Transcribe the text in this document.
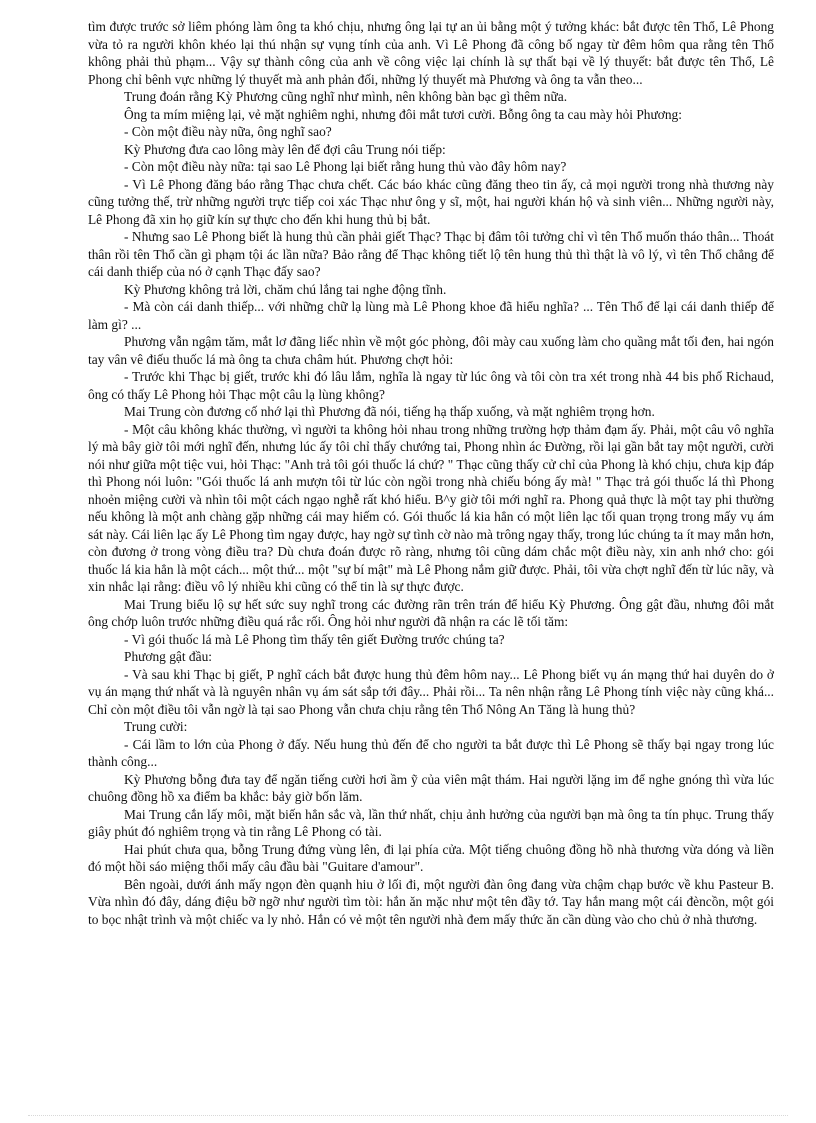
tìm được trước sở liêm phóng làm ông ta khó chịu, nhưng ông lại tự an ủi bằng một ý tưởng khác: bắt được tên Thổ, Lê Phong vừa tỏ ra người khôn khéo lại thú nhận sự vụng tính của anh. Vì Lê Phong đã công bố ngay từ đêm hôm qua rằng tên Thổ không phải thủ phạm... Vậy sự thành công của anh về công việc lại chính là sự thất bại về lý thuyết: bắt được tên Thổ, Lê Phong chỉ bênh vực những lý thuyết mà anh phản đối, những lý thuyết mà Phương và ông ta vẫn theo...

Trung đoán rằng Kỳ Phương cũng nghĩ như mình, nên không bàn bạc gì thêm nữa.

Ông ta mím miệng lại, vẻ mặt nghiêm nghi, nhưng đôi mắt tươi cười. Bỗng ông ta cau mày hỏi Phương:

- Còn một điều này nữa, ông nghĩ sao?

Kỳ Phương đưa cao lông mày lên để đợi câu Trung nói tiếp:

- Còn một điều này nữa: tại sao Lê Phong lại biết rằng hung thủ vào đây hôm nay?

- Vì Lê Phong đăng báo rằng Thạc chưa chết. Các báo khác cũng đăng theo tin ấy, cả mọi người trong nhà thương này cũng tưởng thế, trừ những người trực tiếp coi xác Thạc như ông y sĩ, một, hai người khán hộ và sinh viên... Những người này, Lê Phong đã xin họ giữ kín sự thực cho đến khi hung thủ bị bắt.

- Nhưng sao Lê Phong biết là hung thủ cần phải giết Thạc? Thạc bị đâm tôi tưởng chỉ vì tên Thổ muốn tháo thân... Thoát thân rồi tên Thổ cần gì phạm tội ác lần nữa? Bảo rằng để Thạc không tiết lộ tên hung thủ thì thật là vô lý, vì tên Thổ chẳng để cái danh thiếp của nó ở cạnh Thạc đấy sao?

Kỳ Phương không trả lời, chăm chú lắng tai nghe động tĩnh.

- Mà còn cái danh thiếp... với những chữ lạ lùng mà Lê Phong khoe đã hiểu nghĩa? ... Tên Thổ để lại cái danh thiếp để làm gì? ...

Phương vẫn ngậm tăm, mắt lơ đãng liếc nhìn về một góc phòng, đôi mày cau xuống làm cho quầng mắt tối đen, hai ngón tay vân vê điếu thuốc lá mà ông ta chưa châm hút. Phương chợt hỏi:

- Trước khi Thạc bị giết, trước khi đó lâu lắm, nghĩa là ngay từ lúc ông và tôi còn tra xét trong nhà 44 bis phố Richaud, ông có thấy Lê Phong hỏi Thạc một câu lạ lùng không?

Mai Trung còn đương cố nhớ lại thì Phương đã nói, tiếng hạ thấp xuống, và mặt nghiêm trọng hơn.

- Một câu không khác thường, vì người ta không hỏi nhau trong những trường hợp thảm đạm ấy. Phải, một câu vô nghĩa lý mà bây giờ tôi mới nghĩ đến, nhưng lúc ấy tôi chỉ thấy chướng tai, Phong nhìn ác Đường, rồi lại gần bắt tay một người, cười nói như giữa một tiệc vui, hỏi Thạc: "Anh trả tôi gói thuốc lá chứ? " Thạc cũng thấy cử chỉ của Phong là khó chịu, chưa kịp đáp thì Phong nói luôn: "Gói thuốc lá anh mượn tôi từ lúc còn ngồi trong nhà chiếu bóng ấy mà! " Thạc trả gói thuốc lá thì Phong nhoẻn miệng cười và nhìn tôi một cách ngạo nghễ rất khó hiểu. B^y giờ tôi mới nghĩ ra. Phong quả thực là một tay phi thường nếu không là một anh chàng gặp những cái may hiếm có. Gói thuốc lá kia hẳn có một liên lạc tối quan trọng trong mấy vụ ám sát này. Cái liên lạc ấy Lê Phong tìm ngay được, hay ngờ sự tình cờ nào mà trông ngay thấy, trong lúc chúng ta ít may mắn hơn, còn đương ở trong vòng điều tra? Dù chưa đoán được rõ ràng, nhưng tôi cũng dám chắc một điều này, xin anh nhớ cho: gói thuốc lá kia hẳn là một cách... một thứ... một "sự bí mật" mà Lê Phong nắm giữ được. Phải, tôi vừa chợt nghĩ đến từ lúc nãy, và xin nhắc lại rằng: điều vô lý nhiều khi cũng có thể tin là sự thực được.

Mai Trung biểu lộ sự hết sức suy nghĩ trong các đường rãn trên trán để hiểu Kỳ Phương. Ông gật đầu, nhưng đôi mắt ông chớp luôn trước những điều quá rắc rối. Ông hỏi như người đã nhận ra các lẽ tối tăm:

- Vì gói thuốc lá mà Lê Phong tìm thấy tên giết Đường trước chúng ta?

Phương gật đầu:

- Và sau khi Thạc bị giết, P nghĩ cách bắt được hung thủ đêm hôm nay... Lê Phong biết vụ án mạng thứ hai duyên do ở vụ án mạng thứ nhất và là nguyên nhân vụ ám sát sắp tới đây... Phải rồi... Ta nên nhận rằng Lê Phong tính việc này cũng khá... Chỉ còn một điều tôi vẫn ngờ là tại sao Phong vẫn chưa chịu rằng tên Thổ Nông An Tăng là hung thủ?

Trung cười:

- Cái lầm to lớn của Phong ở đấy. Nếu hung thủ đến để cho người ta bắt được thì Lê Phong sẽ thấy bại ngay trong lúc thành công...

Kỳ Phương bỗng đưa tay để ngăn tiếng cười hơi ầm ỹ của viên mật thám. Hai người lặng im để nghe gnóng thì vừa lúc chuông đồng hồ xa điểm ba khắc: bảy giờ bốn lăm.

Mai Trung cắn lấy môi, mặt biến hẳn sắc và, lần thứ nhất, chịu ảnh hưởng của người bạn mà ông ta tín phục. Trung thấy giây phút đó nghiêm trọng và tin rằng Lê Phong có tài.

Hai phút chưa qua, bỗng Trung đứng vùng lên, đi lại phía cửa. Một tiếng chuông đồng hồ nhà thương vừa dóng và liền đó một hồi sáo miệng thổi mấy câu đầu bài "Guitare d'amour".

Bên ngoài, dưới ánh mấy ngọn đèn quạnh hiu ở lối đi, một người đàn ông đang vừa chậm chạp bước về khu Pasteur B. Vừa nhìn đó đây, dáng điệu bỡ ngỡ như người tìm tòi: hắn ăn mặc như một tên đầy tớ. Tay hắn mang một cái đèncồn, một gói to bọc nhật trình và một chiếc va ly nhỏ. Hắn có vẻ một tên người nhà đem mấy thức ăn cần dùng vào cho chủ ở nhà thương.
